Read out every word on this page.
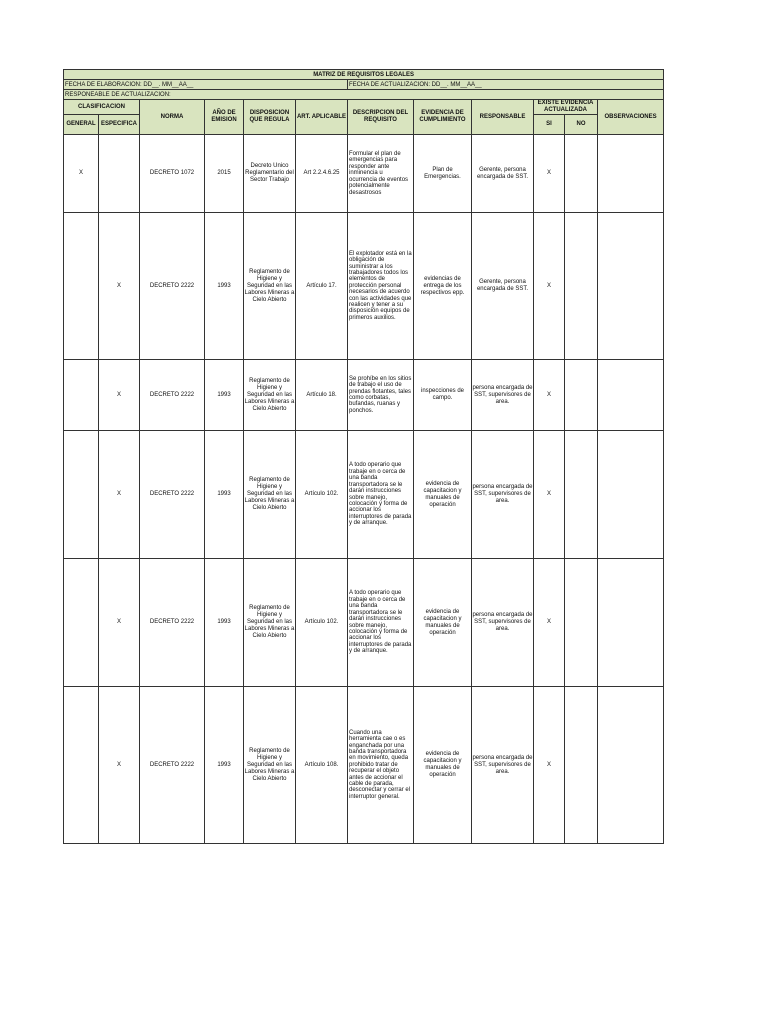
MATRIZ DE REQUISITOS LEGALES											
FECHA DE ELABORACION: DD__. MM__AA__						FECHA DE ACTUALIZACION: DD__. MM__AA__					
RESPONEABLE DE ACTUALIZACION:											
CLASIFICACION		NORMA	AÑO DE EMISION	DISPOSICION QUE REGULA	ART. APLICABLE	DESCRIPCION DEL REQUISITO	EVIDENCIA DE CUMPLIMIENTO	RESPONSABLE	EXISTE EVIDENCIA ACTUALIZADA		OBSERVACIONES
GENERAL	ESPECIFICA								SI	NO	
X		DECRETO 1072	2015	Decreto Unico Reglamentario del Sector Trabajo	Art 2.2.4.6.25	Formular el plan de emergencias para responder ante inminencia u ocurrencia de eventos potencialmente desastrosos	Plan de Emergencias.	Gerente, persona encargada de SST.	X		
	X	DECRETO 2222	1993	Reglamento de Higiene y Seguridad en las Labores Mineras a Cielo Abierto	Artículo 17.	El explotador está en la obligación de suministrar a los trabajadores todos los elementos de protección personal necesarios de acuerdo con las actividades que realicen y tener a su disposición equipos de primeros auxilios.	evidencias de entrega de los respectivos epp.	Gerente, persona encargada de SST.	X		
	X	DECRETO 2222	1993	Reglamento de Higiene y Seguridad en las Labores Mineras a Cielo Abierto	Artículo 18.	Se prohíbe en los sitios de trabajo el uso de prendas flotantes, tales como corbatas, bufandas, ruanas y ponchos.	inspecciones de campo.	persona encargada de SST, supervisores de area.	X		
	X	DECRETO 2222	1993	Reglamento de Higiene y Seguridad en las Labores Mineras a Cielo Abierto	Artículo 102.	A todo operario que trabaje en o cerca de una banda transportadora se le darán instrucciones sobre manejo, colocación y forma de accionar los interruptores de parada y de arranque.	evidencia de capacitacion y manuales de operación	persona encargada de SST, supervisores de area.	X		
	X	DECRETO 2222	1993	Reglamento de Higiene y Seguridad en las Labores Mineras a Cielo Abierto	Artículo 102.	A todo operario que trabaje en o cerca de una banda transportadora se le darán instrucciones sobre manejo, colocación y forma de accionar los interruptores de parada y de arranque.	evidencia de capacitacion y manuales de operación	persona encargada de SST, supervisores de area.	X		
	X	DECRETO 2222	1993	Reglamento de Higiene y Seguridad en las Labores Mineras a Cielo Abierto	Artículo 108.	Cuando una herramienta cae o es enganchada por una banda transportadora en movimiento, queda prohibido tratar de recuperar el objeto antes de accionar el cable de parada, desconectar y cerrar el interruptor general.	evidencia de capacitacion y manuales de operación	persona encargada de SST, supervisores de area.	X		
